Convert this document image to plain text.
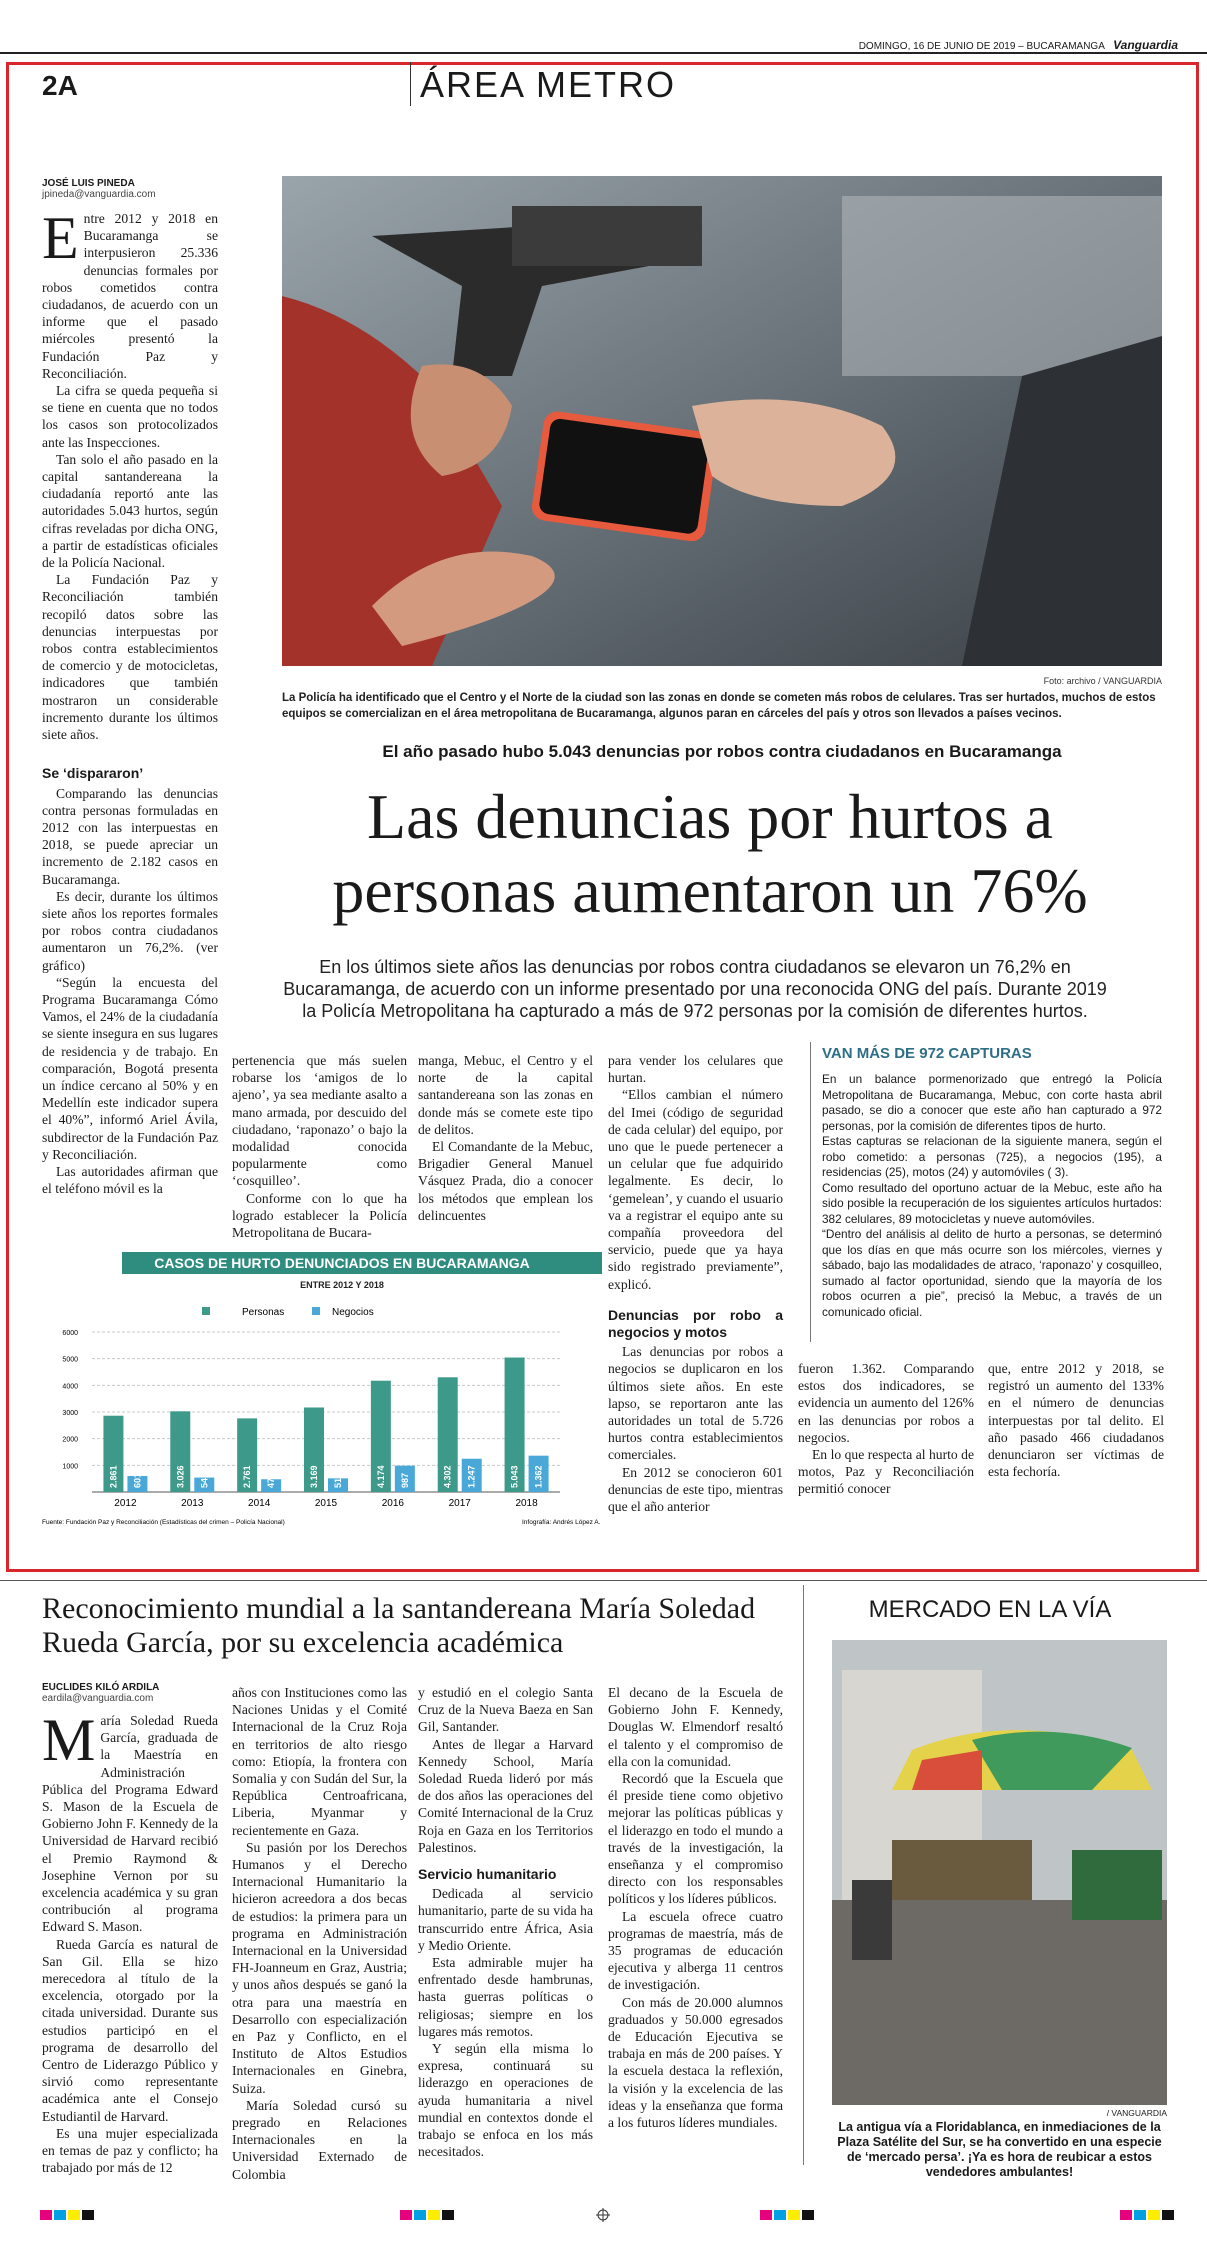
DOMINGO, 16 DE JUNIO DE 2019 – BUCARAMANGA Vanguardia
2A	ÁREA METRO
JOSÉ LUIS PINEDA
jpineda@vanguardia.com

Entre 2012 y 2018 en Bucaramanga se interpusieron 25.336 denuncias formales por robos cometidos contra ciudadanos, de acuerdo con un informe que el pasado miércoles presentó la Fundación Paz y Reconciliación.

La cifra se queda pequeña si se tiene en cuenta que no todos los casos son protocolizados ante las Inspecciones.

Tan solo el año pasado en la capital santandereana la ciudadanía reportó ante las autoridades 5.043 hurtos, según cifras reveladas por dicha ONG, a partir de estadísticas oficiales de la Policía Nacional.

La Fundación Paz y Reconciliación también recopiló datos sobre las denuncias interpuestas por robos contra establecimientos de comercio y de motocicletas, indicadores que también mostraron un considerable incremento durante los últimos siete años.

Se ‘dispararon’

Comparando las denuncias contra personas formuladas en 2012 con las interpuestas en 2018, se puede apreciar un incremento de 2.182 casos en Bucaramanga.

Es decir, durante los últimos siete años los reportes formales por robos contra ciudadanos aumentaron un 76,2%. (ver gráfico)

“Según la encuesta del Programa Bucaramanga Cómo Vamos, el 24% de la ciudadanía se siente insegura en sus lugares de residencia y de trabajo. En comparación, Bogotá presenta un índice cercano al 50% y en Medellín este indicador supera el 40%”, informó Ariel Ávila, subdirector de la Fundación Paz y Reconciliación.

Las autoridades afirman que el teléfono móvil es la

Foto: archivo / VANGUARDIA
La Policía ha identificado que el Centro y el Norte de la ciudad son las zonas en donde se cometen más robos de celulares. Tras ser hurtados, muchos de estos equipos se comercializan en el área metropolitana de Bucaramanga, algunos paran en cárceles del país y otros son llevados a países vecinos.
El año pasado hubo 5.043 denuncias por robos contra ciudadanos en Bucaramanga
Las denuncias por hurtos a
personas aumentaron un 76%
En los últimos siete años las denuncias por robos contra ciudadanos se elevaron un 76,2% en Bucaramanga, de acuerdo con un informe presentado por una reconocida ONG del país. Durante 2019 la Policía Metropolitana ha capturado a más de 972 personas por la comisión de diferentes hurtos.

pertenencia que más suelen robarse los ‘amigos de lo ajeno’, ya sea mediante asalto a mano armada, por descuido del ciudadano, ‘raponazo’ o bajo la modalidad conocida popularmente como ‘cosquilleo’.

Conforme con lo que ha logrado establecer la Policía Metropolitana de Bucara-

manga, Mebuc, el Centro y el norte de la capital santandereana son las zonas en donde más se comete este tipo de delitos.

El Comandante de la Mebuc, Brigadier General Manuel Vásquez Prada, dio a conocer los métodos que emplean los delincuentes

para vender los celulares que hurtan.

“Ellos cambian el número del Imei (código de seguridad de cada celular) del equipo, por uno que le puede pertenecer a un celular que fue adquirido legalmente. Es decir, lo ‘gemelean’, y cuando el usuario va a registrar el equipo ante su compañía proveedora del servicio, puede que ya haya sido registrado previamente”, explicó.

Denuncias por robo a negocios y motos

Las denuncias por robos a negocios se duplicaron en los últimos siete años. En este lapso, se reportaron ante las autoridades un total de 5.726 hurtos contra establecimientos comerciales.

En 2012 se conocieron 601 denuncias de este tipo, mientras que el año anterior

fueron 1.362. Comparando estos dos indicadores, se evidencia un aumento del 126% en las denuncias por robos a negocios.

En lo que respecta al hurto de motos, Paz y Reconciliación permitió conocer

que, entre 2012 y 2018, se registró un aumento del 133% en el número de denuncias interpuestas por tal delito. El año pasado 466 ciudadanos denunciaron ser víctimas de esta fechoría.

VAN MÁS DE 972 CAPTURAS
En un balance pormenorizado que entregó la Policía Metropolitana de Bucaramanga, Mebuc, con corte hasta abril pasado, se dio a conocer que este año han capturado a 972 personas, por la comisión de diferentes tipos de hurto.
Estas capturas se relacionan de la siguiente manera, según el robo cometido: a personas (725), a negocios (195), a residencias (25), motos (24) y automóviles ( 3).
Como resultado del oportuno actuar de la Mebuc, este año ha sido posible la recuperación de los siguientes artículos hurtados: 382 celulares, 89 motocicletas y nueve automóviles.
“Dentro del análisis al delito de hurto a personas, se determinó que los días en que más ocurre son los miércoles, viernes y sábado, bajo las modalidades de atraco, ‘raponazo’ y cosquilleo, sumado al factor oportunidad, siendo que la mayoría de los robos ocurren a pie”, precisó la Mebuc, a través de un comunicado oficial.
CASOS DE HURTO DENUNCIADOS EN BUCARAMANGA
ENTRE 2012 Y 2018
Personas	Negocios
1000
2000
3000
4000
5000
6000
2.861 601
2012
3.026 541
2013
2.761 478
2014
3.169 512
2015
4.174 987
2016
4.302 1.247
2017
5.043 1.362
2018
Fuente: Fundación Paz y Reconciliación (Estadísticas del crimen – Policía Nacional)	Infografía: Andrés López A.
Reconocimiento mundial a la santandereana María Soledad Rueda García, por su excelencia académica
EUCLIDES KILÓ ARDILA
eardila@vanguardia.com

María Soledad Rueda García, graduada de la Maestría en Administración Pública del Programa Edward S. Mason de la Escuela de Gobierno John F. Kennedy de la Universidad de Harvard recibió el Premio Raymond & Josephine Vernon por su excelencia académica y su gran contribución al programa Edward S. Mason.

Rueda García es natural de San Gil. Ella se hizo merecedora al título de la excelencia, otorgado por la citada universidad. Durante sus estudios participó en el programa de desarrollo del Centro de Liderazgo Público y sirvió como representante académica ante el Consejo Estudiantil de Harvard.

Es una mujer especializada en temas de paz y conflicto; ha trabajado por más de 12

años con Instituciones como las Naciones Unidas y el Comité Internacional de la Cruz Roja en territorios de alto riesgo como: Etiopía, la frontera con Somalia y con Sudán del Sur, la República Centroafricana, Liberia, Myanmar y recientemente en Gaza.

Su pasión por los Derechos Humanos y el Derecho Internacional Humanitario la hicieron acreedora a dos becas de estudios: la primera para un programa en Administración Internacional en la Universidad FH-Joanneum en Graz, Austria; y unos años después se ganó la otra para una maestría en Desarrollo con especialización en Paz y Conflicto, en el Instituto de Altos Estudios Internacionales en Ginebra, Suiza.

María Soledad cursó su pregrado en Relaciones Internacionales en la Universidad Externado de Colombia

y estudió en el colegio Santa Cruz de la Nueva Baeza en San Gil, Santander.

Antes de llegar a Harvard Kennedy School, María Soledad Rueda lideró por más de dos años las operaciones del Comité Internacional de la Cruz Roja en Gaza en los Territorios Palestinos.

Servicio humanitario

Dedicada al servicio humanitario, parte de su vida ha transcurrido entre África, Asia y Medio Oriente.

Esta admirable mujer ha enfrentado desde hambrunas, hasta guerras políticas o religiosas; siempre en los lugares más remotos.

Y según ella misma lo expresa, continuará su liderazgo en operaciones de ayuda humanitaria a nivel mundial en contextos donde el trabajo se enfoca en los más necesitados.

El decano de la Escuela de Gobierno John F. Kennedy, Douglas W. Elmendorf resaltó el talento y el compromiso de ella con la comunidad.

Recordó que la Escuela que él preside tiene como objetivo mejorar las políticas públicas y el liderazgo en todo el mundo a través de la investigación, la enseñanza y el compromiso directo con los responsables políticos y los líderes públicos.

La escuela ofrece cuatro programas de maestría, más de 35 programas de educación ejecutiva y alberga 11 centros de investigación.

Con más de 20.000 alumnos graduados y 50.000 egresados de Educación Ejecutiva se trabaja en más de 200 países. Y la escuela destaca la reflexión, la visión y la excelencia de las ideas y la enseñanza que forma a los futuros líderes mundiales.

MERCADO EN LA VÍA
/ VANGUARDIA
La antigua vía a Floridablanca, en inmediaciones de la Plaza Satélite del Sur, se ha convertido en una especie de ‘mercado persa’. ¡Ya es hora de reubicar a estos vendedores ambulantes!
